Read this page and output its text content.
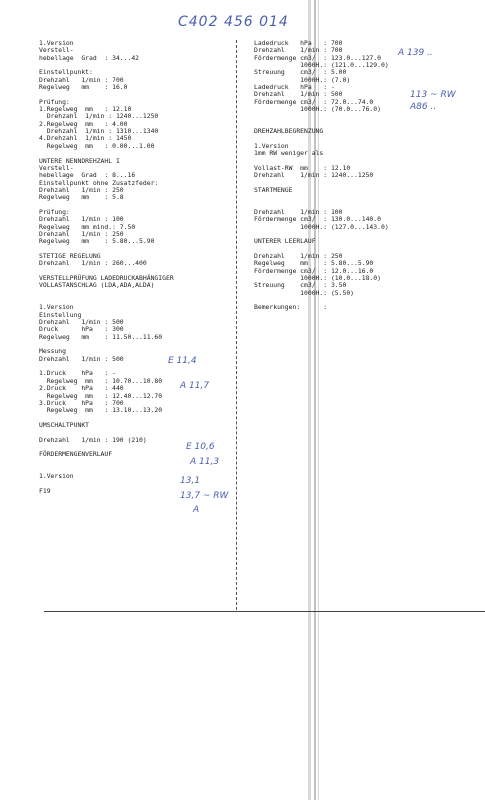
C402 456 014
1.Version
Verstell-
hebellage  Grad  : 34...42
Einstellpunkt:
Drehzahl   1/min : 700
Regelweg   mm    : 16.0
Prüfung:
1.Regelweg  mm   : 12.10
Drehzahl  1/min : 1240...1250
2.Regelweg  mm   : 4.00
Drehzahl  1/min : 1310...1340
4.Drehzahl  1/min : 1450
Regelweg  mm   : 0.00...1.00
UNTERE NENNDREHZAHL I
Verstell-
hebellage  Grad  : 8...16
Einstellpunkt ohne Zusatzfeder:
Drehzahl   1/min : 250
Regelweg   mm    : 5.8
Prüfung:
Drehzahl   1/min : 100
Regelweg   mm mind.: 7.50
Drehzahl   1/min : 250
Regelweg   mm    : 5.80...5.90
STETIGE REGELUNG
Drehzahl   1/min : 260...400
VERSTELLPRÜFUNG LADEDRUCKABHÄNGIGER
VOLLASTANSCHLAG (LDA,ADA,ALDA)
1.Version
Einstellung
Drehzahl   1/min : 500
Druck      hPa   : 300
Regelweg   mm    : 11.50...11.60
Messung
Drehzahl   1/min : 500
1.Druck    hPa   : -
Regelweg  mm   : 10.70...10.80
2.Druck    hPa   : 440
Regelweg  mm   : 12.40...12.70
3.Druck    hPa   : 700
Regelweg  mm   : 13.10...13.20
UMSCHALTPUNKT
Drehzahl   1/min : 190 (210)
FÖRDERMENGENVERLAUF
1.Version
F19
Ladedruck   hPa   : 700
Drehzahl    1/min : 700
Fördermenge cm3/  : 123.0...127.0
1000H.: (121.0...129.0)
Streuung    cm3/  : 5.00
1000H.: (7.0)
Ladedruck   hPa   : -
Drehzahl    1/min : 500
Fördermenge cm3/  : 72.0...74.0
1000H.: (70.0...76.0)
DREHZAHLBEGRENZUNG
1.Version
1mm RW weniger als
Vollast-RW  mm    : 12.10
Drehzahl    1/min : 1240...1250
STARTMENGE
Drehzahl    1/min : 100
Fördermenge cm3/  : 130.0...140.0
1000H.: (127.0...143.0)
UNTERER LEERLAUF
Drehzahl    1/min : 250
Regelweg    mm    : 5.80...5.90
Fördermenge cm3/  : 12.0...16.0
1000H.: (10.0...18.0)
Streuung    cm3/  : 3.50
1000H.: (5.50)
Bemerkungen:      :
A 139 ..
113 ~ RW
A86 ..
E 11,4
A 11,7
E 10,6
A 11,3
13,1
13,7 ~ RW
A
